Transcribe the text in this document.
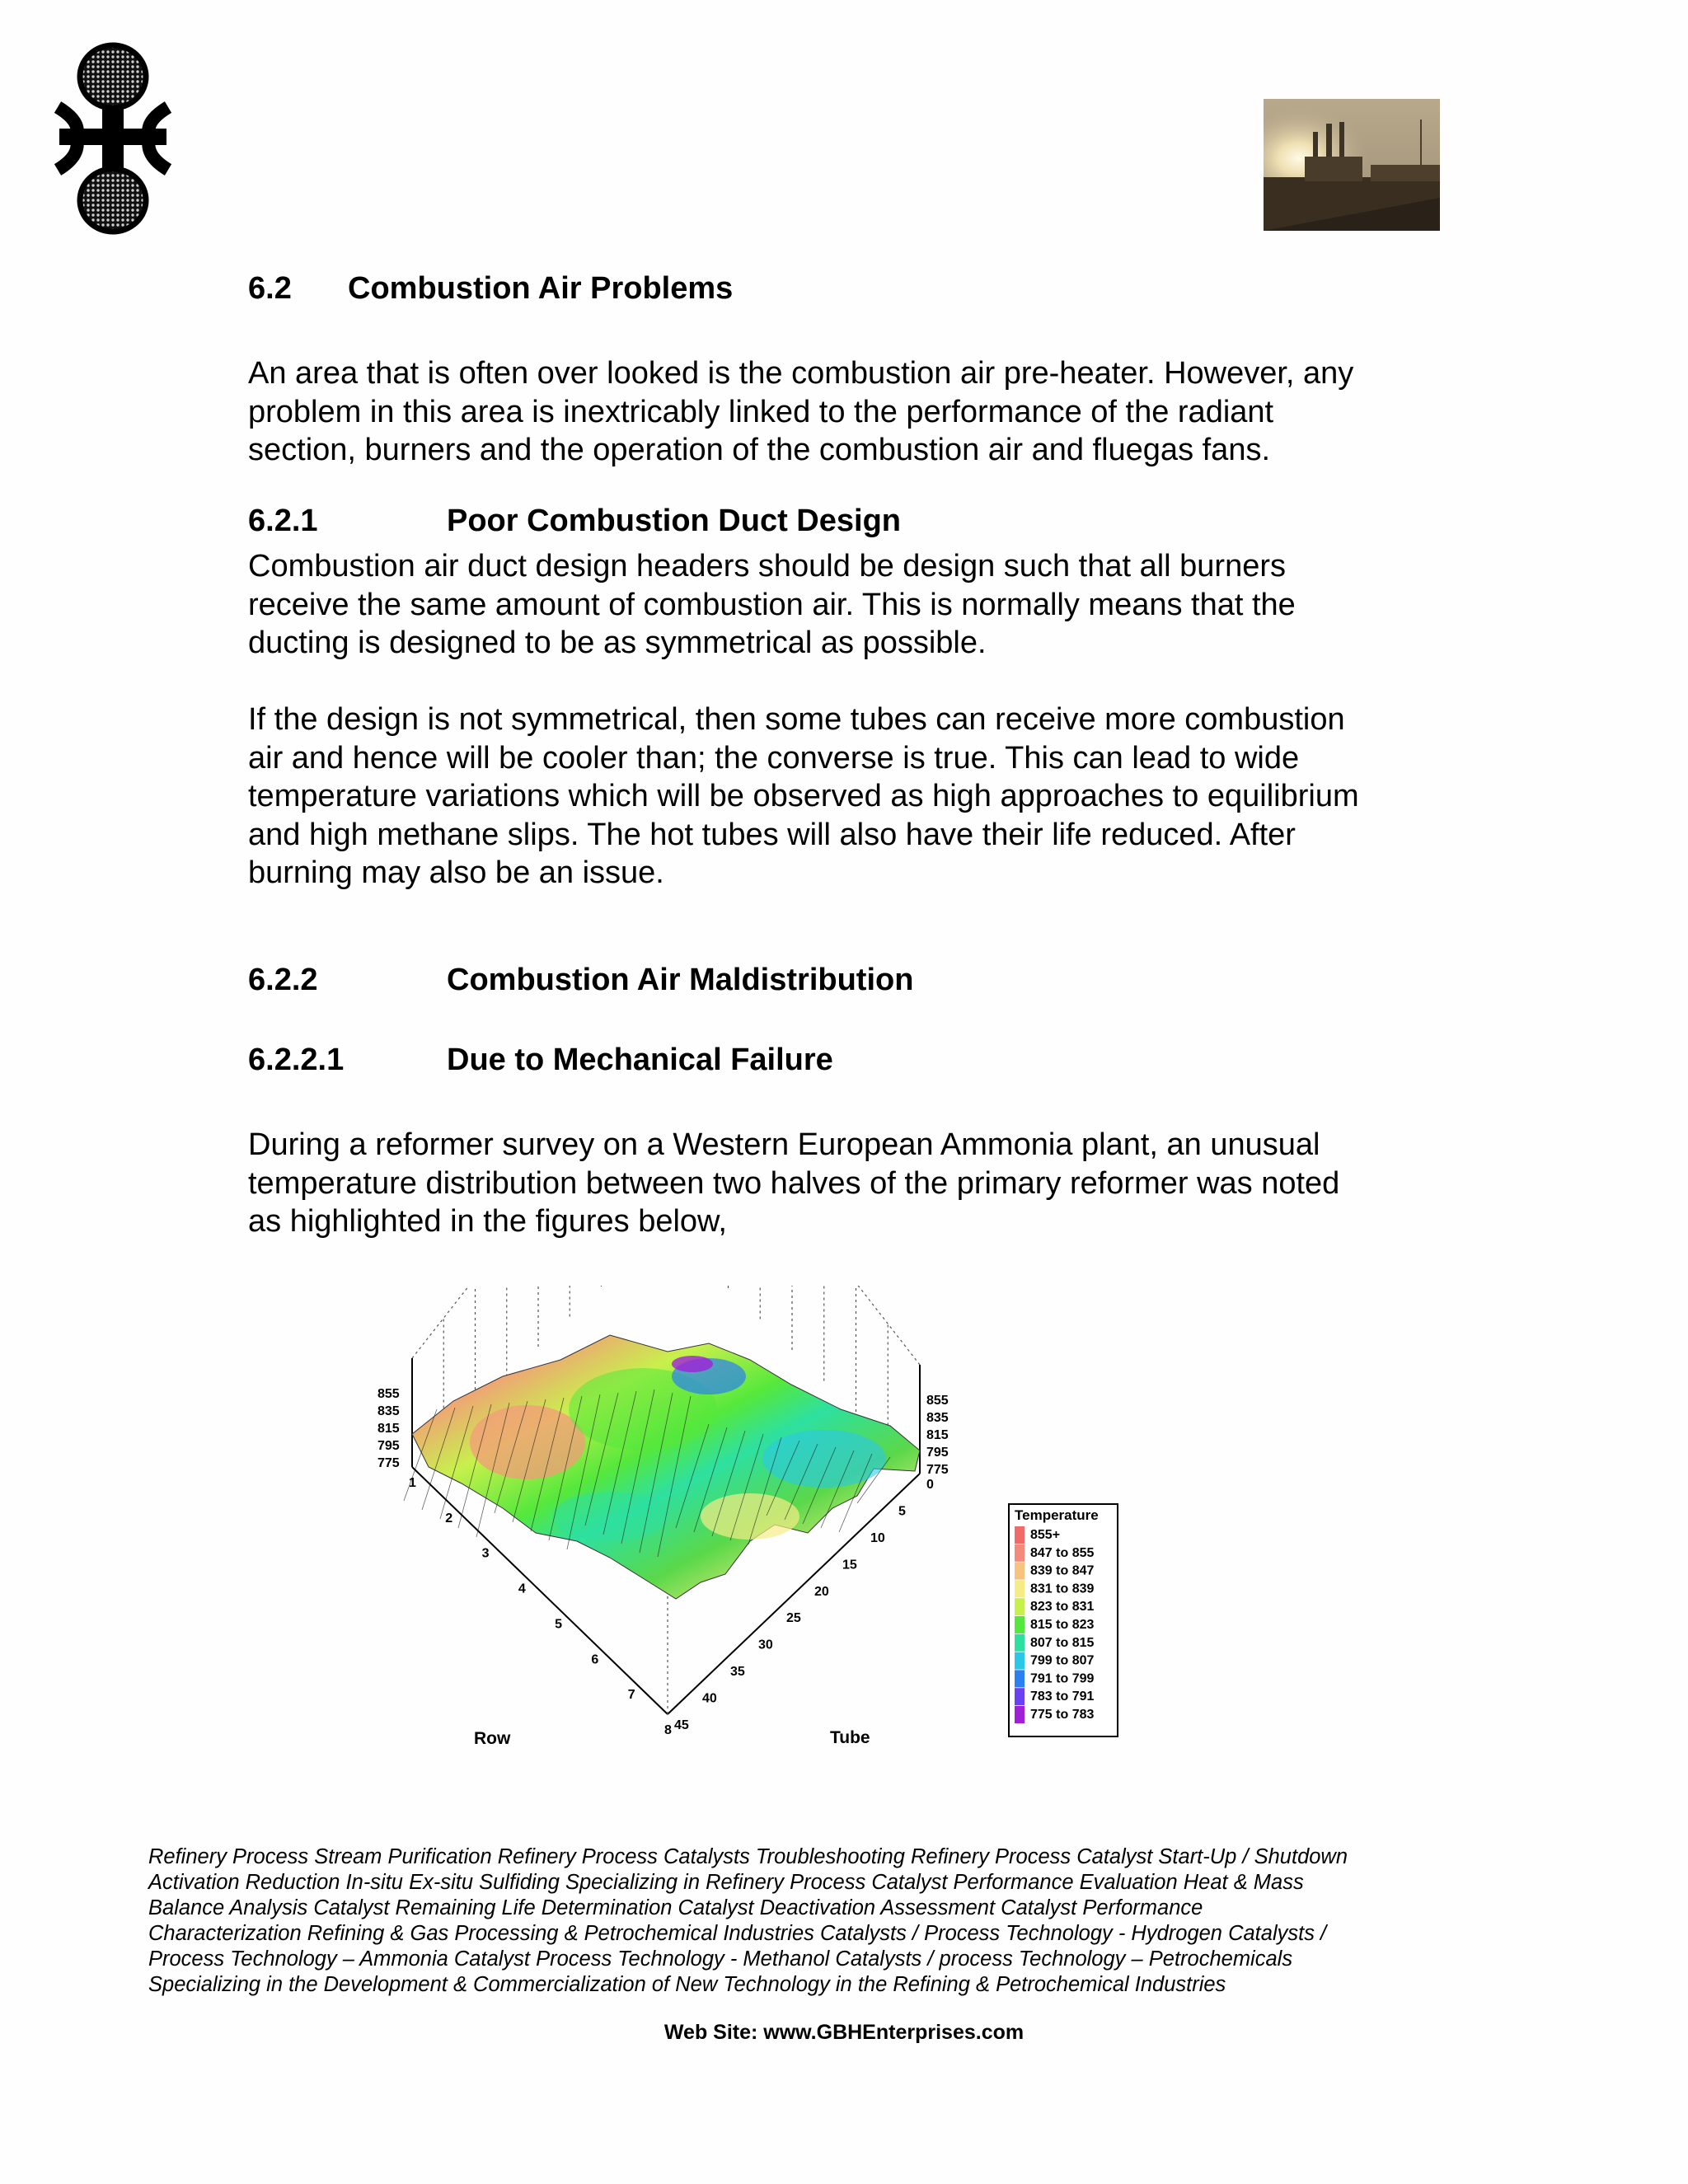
6.2 Combustion Air Problems
An area that is often over looked is the combustion air pre-heater. However, any
problem in this area is inextricably linked to the performance of the radiant
section, burners and the operation of the combustion air and fluegas fans.
6.2.1	Poor Combustion Duct Design
Combustion air duct design headers should be design such that all burners
receive the same amount of combustion air. This is normally means that the
ducting is designed to be as symmetrical as possible.
If the design is not symmetrical, then some tubes can receive more combustion
air and hence will be cooler than; the converse is true. This can lead to wide
temperature variations which will be observed as high approaches to equilibrium
and high methane slips. The hot tubes will also have their life reduced. After
burning may also be an issue.
6.2.2	Combustion Air Maldistribution
6.2.2.1	Due to Mechanical Failure
During a reformer survey on a Western European Ammonia plant, an unusual
temperature distribution between two halves of the primary reformer was noted
as highlighted in the figures below,
855	855
835	835
815	815
795	795
775	775
1
2
3
4
5
6
7
8
0
5
10
15
20
25
30
35
40
45
Row	Tube
Temperature
855+
847 to 855
839 to 847
831 to 839
823 to 831
815 to 823
807 to 815
799 to 807
791 to 799
783 to 791
775 to 783
Refinery Process Stream Purification Refinery Process Catalysts Troubleshooting Refinery Process Catalyst Start-Up / Shutdown
Activation Reduction In-situ Ex-situ Sulfiding Specializing in Refinery Process Catalyst Performance Evaluation Heat & Mass
Balance Analysis Catalyst Remaining Life Determination Catalyst Deactivation Assessment Catalyst Performance
Characterization Refining & Gas Processing & Petrochemical Industries Catalysts / Process Technology - Hydrogen Catalysts /
Process Technology – Ammonia Catalyst Process Technology - Methanol Catalysts / process Technology – Petrochemicals
Specializing in the Development & Commercialization of New Technology in the Refining & Petrochemical Industries
Web Site: www.GBHEnterprises.com
